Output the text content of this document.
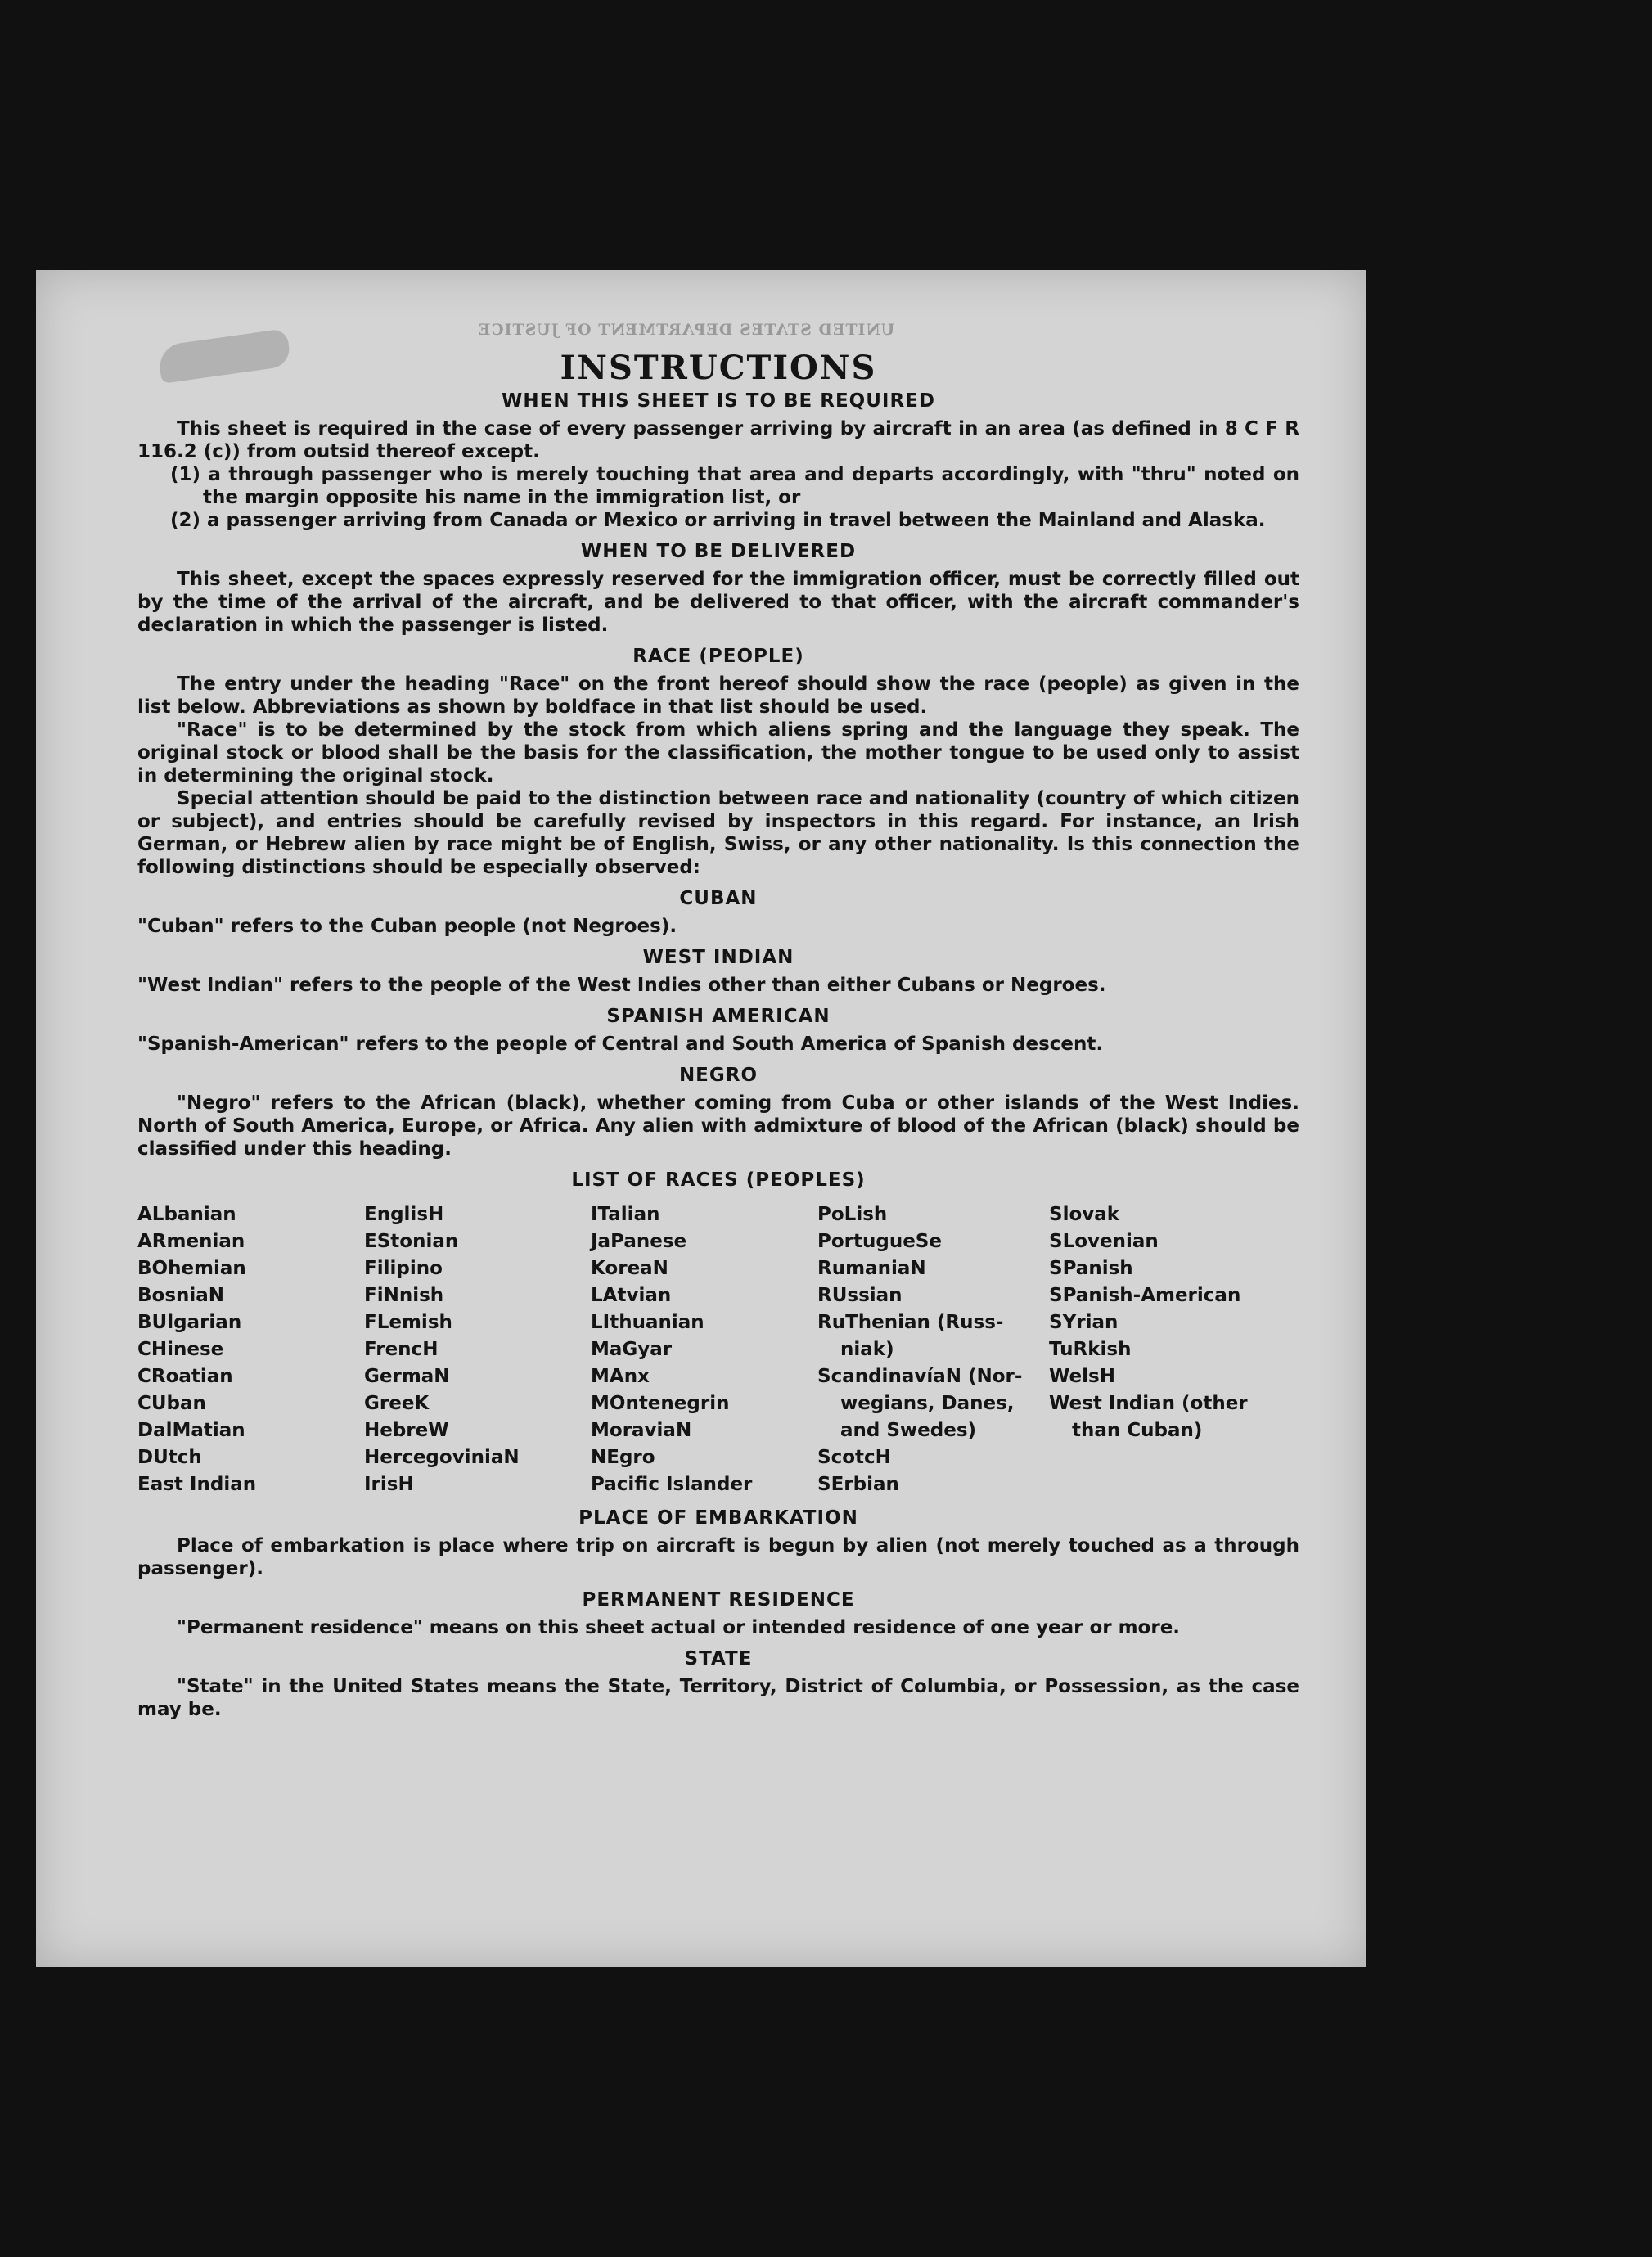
UNITED STATES DEPARTMENT OF JUSTICE
INSTRUCTIONS
WHEN THIS SHEET IS TO BE REQUIRED

This sheet is required in the case of every passenger arriving by aircraft in an area (as defined in 8 C F R 116.2 (c)) from outsid thereof except.

(1) a through passenger who is merely touching that area and departs accordingly, with "thru" noted on the margin opposite his name in the immigration list, or

(2) a passenger arriving from Canada or Mexico or arriving in travel between the Mainland and Alaska.

WHEN TO BE DELIVERED

This sheet, except the spaces expressly reserved for the immigration officer, must be correctly filled out by the time of the arrival of the aircraft, and be delivered to that officer, with the aircraft commander's declaration in which the passenger is listed.

RACE (PEOPLE)

The entry under the heading "Race" on the front hereof should show the race (people) as given in the list below. Abbreviations as shown by boldface in that list should be used.

"Race" is to be determined by the stock from which aliens spring and the language they speak. The original stock or blood shall be the basis for the classification, the mother tongue to be used only to assist in determining the original stock.

Special attention should be paid to the distinction between race and nationality (country of which citizen or subject), and entries should be carefully revised by inspectors in this regard. For instance, an Irish German, or Hebrew alien by race might be of English, Swiss, or any other nationality. Is this connection the following distinctions should be especially observed:

CUBAN

"Cuban" refers to the Cuban people (not Negroes).

WEST INDIAN

"West Indian" refers to the people of the West Indies other than either Cubans or Negroes.

SPANISH AMERICAN

"Spanish-American" refers to the people of Central and South America of Spanish descent.

NEGRO

"Negro" refers to the African (black), whether coming from Cuba or other islands of the West Indies. North of South America, Europe, or Africa. Any alien with admixture of blood of the African (black) should be classified under this heading.

LIST OF RACES (PEOPLES)
ALbanian
ARmenian
BOhemian
BosniaN
BUlgarian
CHinese
CRoatian
CUban
DalMatian
DUtch
East Indian
EnglisH
EStonian
Filipino
FiNnish
FLemish
FrencH
GermaN
GreeK
HebreW
HercegoviniaN
IrisH
ITalian
JaPanese
KoreaN
LAtvian
LIthuanian
MaGyar
MAnx
MOntenegrin
MoraviaN
NEgro
Pacific Islander
PoLish
PortugueSe
RumaniaN
RUssian
RuThenian (Russ-
niak)
ScandinavíaN (Nor-
wegians, Danes,
and Swedes)
ScotcH
SErbian
Slovak
SLovenian
SPanish
SPanish-American
SYrian
TuRkish
WelsH
West Indian (other
than Cuban)
PLACE OF EMBARKATION

Place of embarkation is place where trip on aircraft is begun by alien (not merely touched as a through passenger).

PERMANENT RESIDENCE

"Permanent residence" means on this sheet actual or intended residence of one year or more.

STATE

"State" in the United States means the State, Territory, District of Columbia, or Possession, as the case may be.
